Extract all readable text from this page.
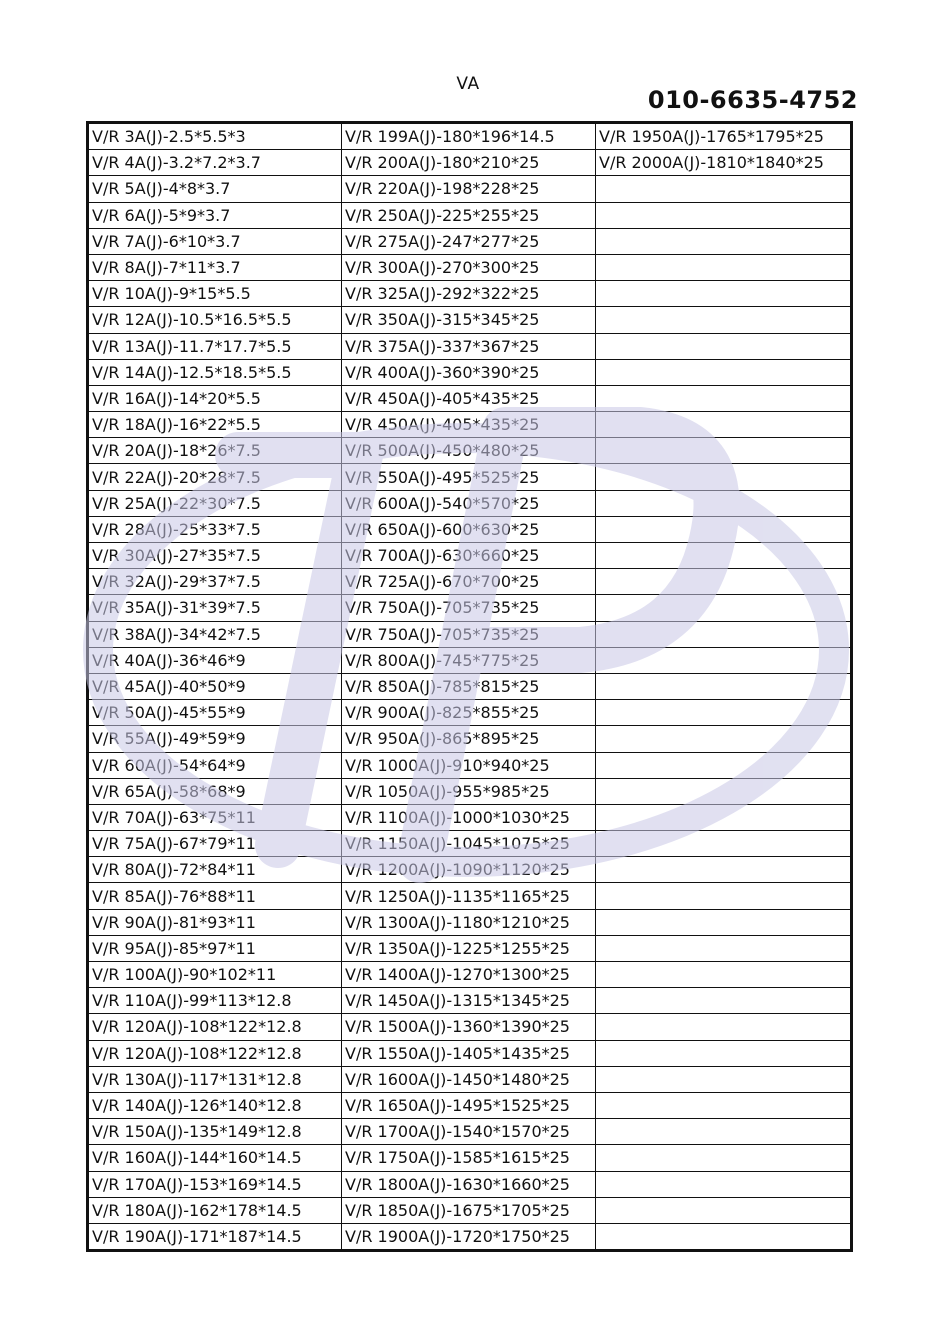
VA
010-6635-4752
V/R 3A(J)-2.5*5.5*3	V/R 199A(J)-180*196*14.5	V/R 1950A(J)-1765*1795*25
V/R 4A(J)-3.2*7.2*3.7	V/R 200A(J)-180*210*25	V/R 2000A(J)-1810*1840*25
V/R 5A(J)-4*8*3.7	V/R 220A(J)-198*228*25	
V/R 6A(J)-5*9*3.7	V/R 250A(J)-225*255*25	
V/R 7A(J)-6*10*3.7	V/R 275A(J)-247*277*25	
V/R 8A(J)-7*11*3.7	V/R 300A(J)-270*300*25	
V/R 10A(J)-9*15*5.5	V/R 325A(J)-292*322*25	
V/R 12A(J)-10.5*16.5*5.5	V/R 350A(J)-315*345*25	
V/R 13A(J)-11.7*17.7*5.5	V/R 375A(J)-337*367*25	
V/R 14A(J)-12.5*18.5*5.5	V/R 400A(J)-360*390*25	
V/R 16A(J)-14*20*5.5	V/R 450A(J)-405*435*25	
V/R 18A(J)-16*22*5.5	V/R 450A(J)-405*435*25	
V/R 20A(J)-18*26*7.5	V/R 500A(J)-450*480*25	
V/R 22A(J)-20*28*7.5	V/R 550A(J)-495*525*25	
V/R 25A(J)-22*30*7.5	V/R 600A(J)-540*570*25	
V/R 28A(J)-25*33*7.5	V/R 650A(J)-600*630*25	
V/R 30A(J)-27*35*7.5	V/R 700A(J)-630*660*25	
V/R 32A(J)-29*37*7.5	V/R 725A(J)-670*700*25	
V/R 35A(J)-31*39*7.5	V/R 750A(J)-705*735*25	
V/R 38A(J)-34*42*7.5	V/R 750A(J)-705*735*25	
V/R 40A(J)-36*46*9	V/R 800A(J)-745*775*25	
V/R 45A(J)-40*50*9	V/R 850A(J)-785*815*25	
V/R 50A(J)-45*55*9	V/R 900A(J)-825*855*25	
V/R 55A(J)-49*59*9	V/R 950A(J)-865*895*25	
V/R 60A(J)-54*64*9	V/R 1000A(J)-910*940*25	
V/R 65A(J)-58*68*9	V/R 1050A(J)-955*985*25	
V/R 70A(J)-63*75*11	V/R 1100A(J)-1000*1030*25	
V/R 75A(J)-67*79*11	V/R 1150A(J)-1045*1075*25	
V/R 80A(J)-72*84*11	V/R 1200A(J)-1090*1120*25	
V/R 85A(J)-76*88*11	V/R 1250A(J)-1135*1165*25	
V/R 90A(J)-81*93*11	V/R 1300A(J)-1180*1210*25	
V/R 95A(J)-85*97*11	V/R 1350A(J)-1225*1255*25	
V/R 100A(J)-90*102*11	V/R 1400A(J)-1270*1300*25	
V/R 110A(J)-99*113*12.8	V/R 1450A(J)-1315*1345*25	
V/R 120A(J)-108*122*12.8	V/R 1500A(J)-1360*1390*25	
V/R 120A(J)-108*122*12.8	V/R 1550A(J)-1405*1435*25	
V/R 130A(J)-117*131*12.8	V/R 1600A(J)-1450*1480*25	
V/R 140A(J)-126*140*12.8	V/R 1650A(J)-1495*1525*25	
V/R 150A(J)-135*149*12.8	V/R 1700A(J)-1540*1570*25	
V/R 160A(J)-144*160*14.5	V/R 1750A(J)-1585*1615*25	
V/R 170A(J)-153*169*14.5	V/R 1800A(J)-1630*1660*25	
V/R 180A(J)-162*178*14.5	V/R 1850A(J)-1675*1705*25	
V/R 190A(J)-171*187*14.5	V/R 1900A(J)-1720*1750*25	
